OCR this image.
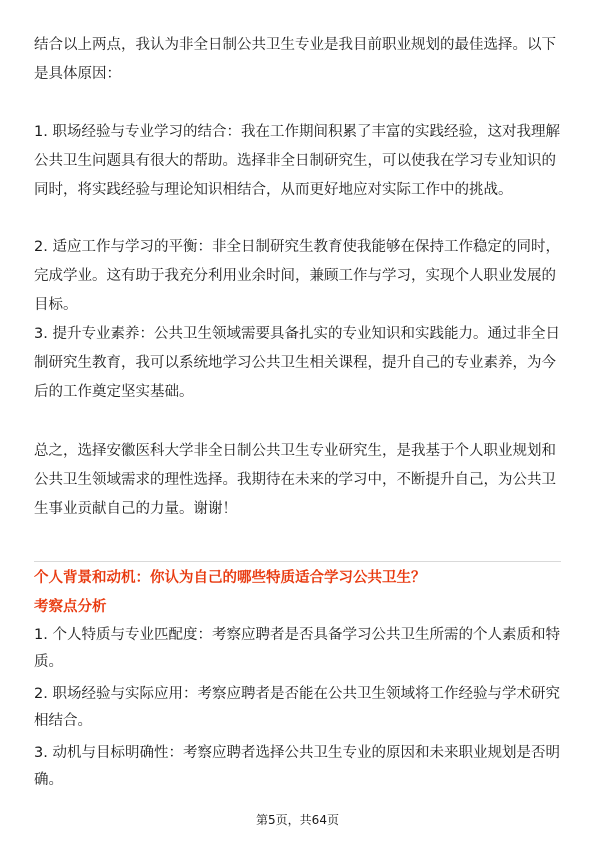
结合以上两点，我认为非全日制公共卫生专业是我目前职业规划的最佳选择。以下是具体原因：

1. 职场经验与专业学习的结合：我在工作期间积累了丰富的实践经验，这对我理解公共卫生问题具有很大的帮助。选择非全日制研究生，可以使我在学习专业知识的同时，将实践经验与理论知识相结合，从而更好地应对实际工作中的挑战。

2. 适应工作与学习的平衡：非全日制研究生教育使我能够在保持工作稳定的同时，完成学业。这有助于我充分利用业余时间，兼顾工作与学习，实现个人职业发展的目标。

3. 提升专业素养：公共卫生领域需要具备扎实的专业知识和实践能力。通过非全日制研究生教育，我可以系统地学习公共卫生相关课程，提升自己的专业素养，为今后的工作奠定坚实基础。

总之，选择安徽医科大学非全日制公共卫生专业研究生，是我基于个人职业规划和公共卫生领域需求的理性选择。我期待在未来的学习中，不断提升自己，为公共卫生事业贡献自己的力量。谢谢！

个人背景和动机：你认为自己的哪些特质适合学习公共卫生？
考察点分析

1. 个人特质与专业匹配度：考察应聘者是否具备学习公共卫生所需的个人素质和特质。

2. 职场经验与实际应用：考察应聘者是否能在公共卫生领域将工作经验与学术研究相结合。

3. 动机与目标明确性：考察应聘者选择公共卫生专业的原因和未来职业规划是否明确。

第5页，共64页
